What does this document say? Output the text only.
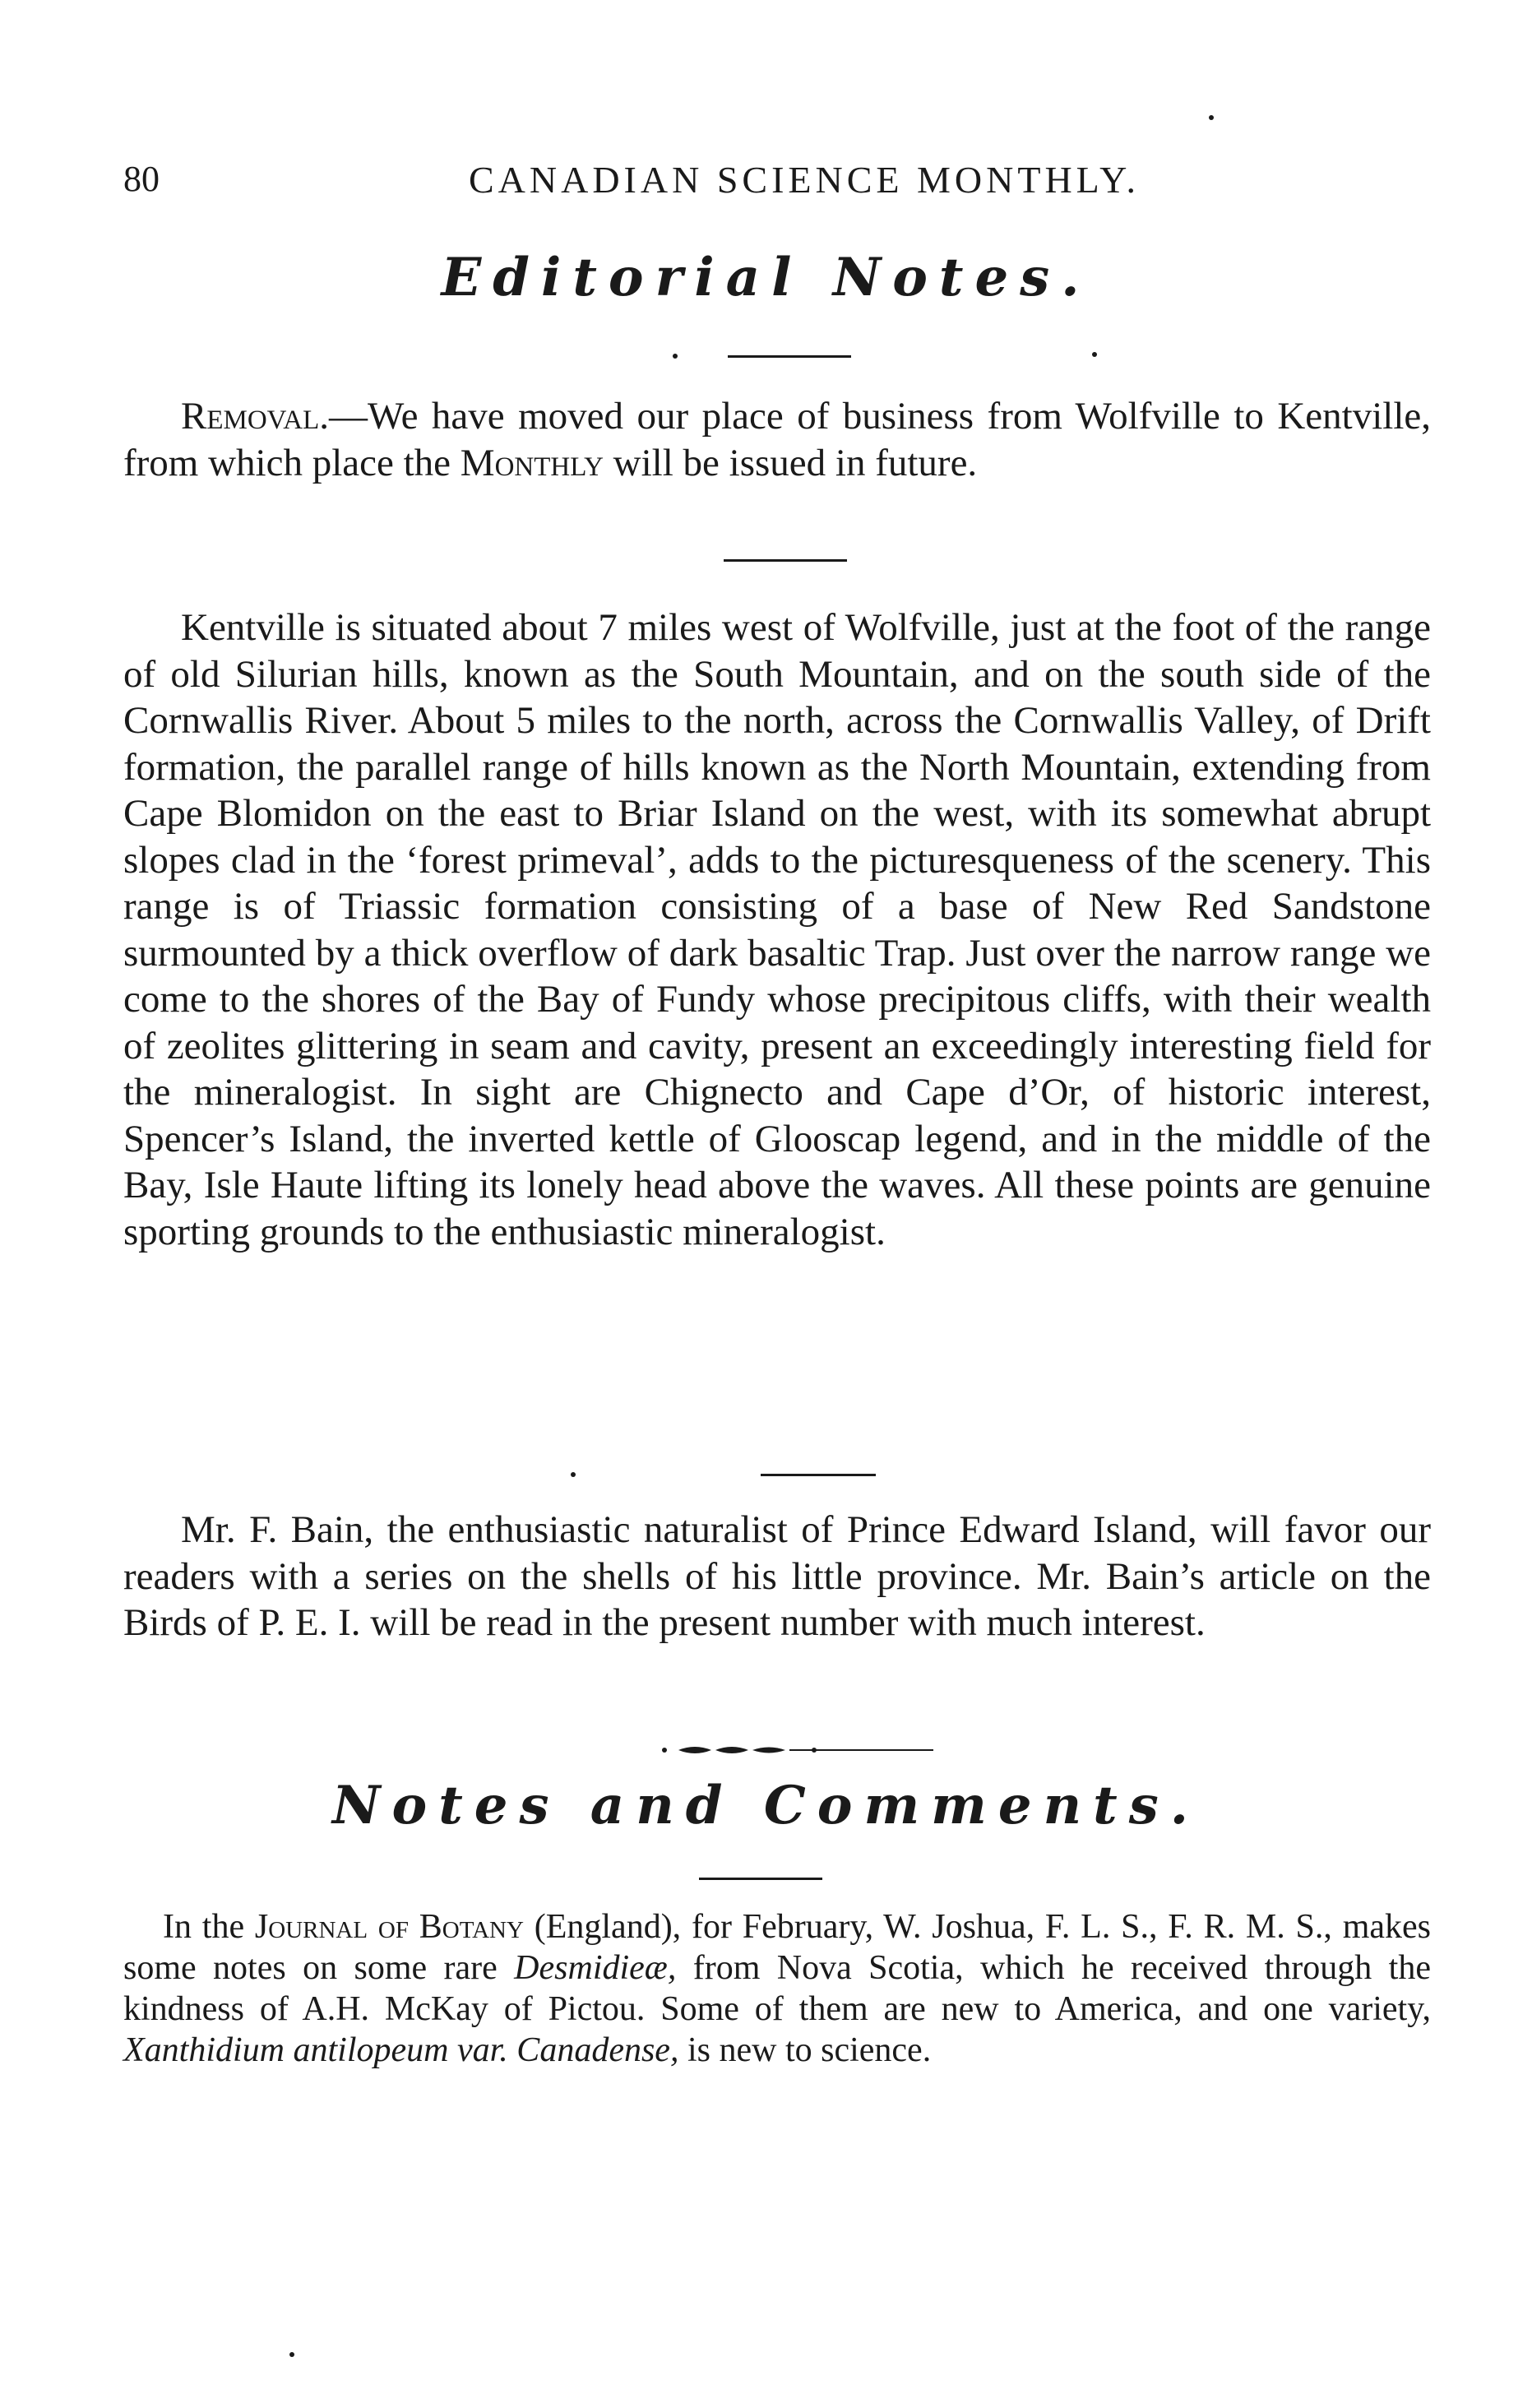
80	CANADIAN SCIENCE MONTHLY.
Editorial Notes.

Removal.—We have moved our place of business from Wolfville to Kentville, from which place the Monthly will be issued in future.

Kentville is situated about 7 miles west of Wolfville, just at the foot of the range of old Silurian hills, known as the South Mountain, and on the south side of the Cornwallis River. About 5 miles to the north, across the Cornwallis Valley, of Drift formation, the parallel range of hills known as the North Mountain, extending from Cape Blomidon on the east to Briar Island on the west, with its somewhat abrupt slopes clad in the ‘forest primeval’, adds to the picturesqueness of the scenery. This range is of Triassic formation consisting of a base of New Red Sandstone surmounted by a thick overflow of dark basaltic Trap. Just over the narrow range we come to the shores of the Bay of Fundy whose precipitous cliffs, with their wealth of zeolites glittering in seam and cavity, present an exceedingly interesting field for the mineralogist. In sight are Chignecto and Cape d’Or, of historic interest, Spencer’s Island, the inverted kettle of Glooscap legend, and in the middle of the Bay, Isle Haute lifting its lonely head above the waves. All these points are genuine sporting grounds to the enthusiastic mineralogist.

Mr. F. Bain, the enthusiastic naturalist of Prince Edward Island, will favor our readers with a series on the shells of his little province. Mr. Bain’s article on the Birds of P. E. I. will be read in the present number with much interest.

Notes and Comments.

In the Journal of Botany (England), for February, W. Joshua, F. L. S., F. R. M. S., makes some notes on some rare Desmidieæ, from Nova Scotia, which he received through the kindness of A.H. McKay of Pictou. Some of them are new to America, and one variety, Xanthidium antilopeum var. Canadense, is new to science.
